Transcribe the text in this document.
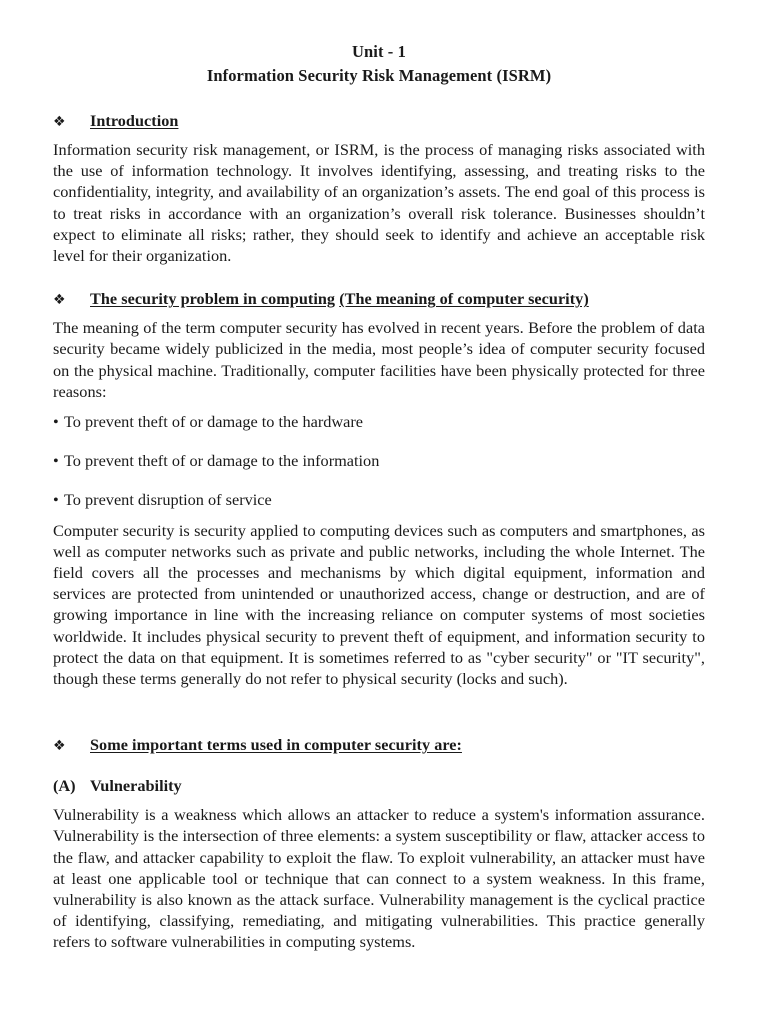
Unit - 1
Information Security Risk Management (ISRM)
❖	Introduction

Information security risk management, or ISRM, is the process of managing risks associated with the use of information technology. It involves identifying, assessing, and treating risks to the confidentiality, integrity, and availability of an organization’s assets. The end goal of this process is to treat risks in accordance with an organization’s overall risk tolerance. Businesses shouldn’t expect to eliminate all risks; rather, they should seek to identify and achieve an acceptable risk level for their organization.

❖	The security problem in computing (The meaning of computer security)

The meaning of the term computer security has evolved in recent years. Before the problem of data security became widely publicized in the media, most people’s idea of computer security focused on the physical machine. Traditionally, computer facilities have been physically protected for three reasons:

• To prevent theft of or damage to the hardware
• To prevent theft of or damage to the information
• To prevent disruption of service

Computer security is security applied to computing devices such as computers and smartphones, as well as computer networks such as private and public networks, including the whole Internet. The field covers all the processes and mechanisms by which digital equipment, information and services are protected from unintended or unauthorized access, change or destruction, and are of growing importance in line with the increasing reliance on computer systems of most societies worldwide. It includes physical security to prevent theft of equipment, and information security to protect the data on that equipment. It is sometimes referred to as "cyber security" or "IT security", though these terms generally do not refer to physical security (locks and such).

❖	Some important terms used in computer security are:
(A) Vulnerability

Vulnerability is a weakness which allows an attacker to reduce a system's information assurance. Vulnerability is the intersection of three elements: a system susceptibility or flaw, attacker access to the flaw, and attacker capability to exploit the flaw. To exploit vulnerability, an attacker must have at least one applicable tool or technique that can connect to a system weakness. In this frame, vulnerability is also known as the attack surface. Vulnerability management is the cyclical practice of identifying, classifying, remediating, and mitigating vulnerabilities. This practice generally refers to software vulnerabilities in computing systems.
